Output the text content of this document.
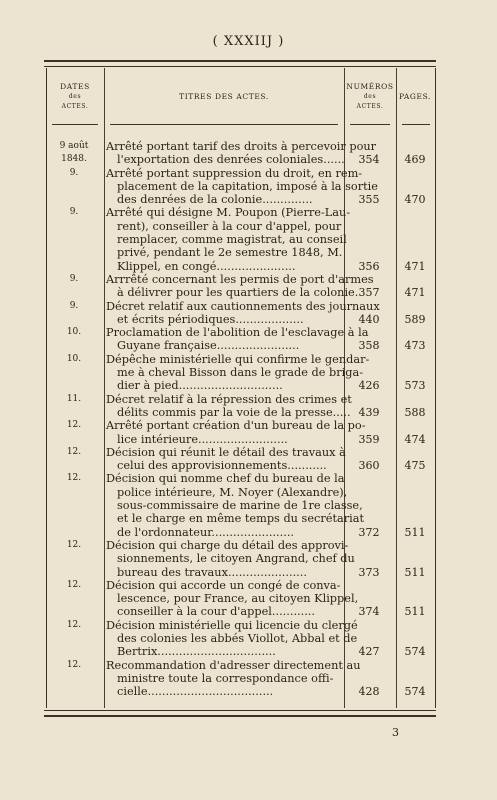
( XXXIIJ )
DATES
des
ACTES.
TITRES DES ACTES.
NUMÉROS
des
ACTES.
PAGES.
9 août
1848.
Arrêté portant tarif des droits à percevoir pour
l'exportation des denrées coloniales......	354	469
9.	Arrêté portant suppression du droit, en rem-
placement de la capitation, imposé à la sortie
des denrées de la colonie..............	355	470
9.	Arrêté qui désigne M. Poupon (Pierre-Lau-
rent), conseiller à la cour d'appel, pour
remplacer, comme magistrat, au conseil
privé, pendant le 2e semestre 1848, M.
Klippel, en congé......................	356	471
9.	Arrrêté concernant les permis de port d'armes
à délivrer pour les quartiers de la colonie. 357	471
9.	Décret relatif aux cautionnements des journaux
et écrits périodiques...................	440	589
10.	Proclamation de l'abolition de l'esclavage à la
Guyane française.......................	358	473
10.	Dépêche ministérielle qui confirme le gendar-
me à cheval Bisson dans le grade de briga-
dier à pied.............................	426	573
11.	Décret relatif à la répression des crimes et
délits commis par la voie de la presse..... 439	588
12.	Arrêté portant création d'un bureau de la po-
lice intérieure.........................	359	474
12.	Décision qui réunit le détail des travaux à
celui des approvisionnements...........	360	475
12.	Décision qui nomme chef du bureau de la
police intérieure, M. Noyer (Alexandre),
sous-commissaire de marine de 1re classe,
et le charge en même temps du secrétariat
de l'ordonnateur.......................	372	511
12.	Décision qui charge du détail des approvi-
sionnements, le citoyen Angrand, chef du
bureau des travaux......................	373	511
12.	Décision qui accorde un congé de conva-
lescence, pour France, au citoyen Klippel,
conseiller à la cour d'appel............	374	511
12.	Décision ministérielle qui licencie du clergé
des colonies les abbés Viollot, Abbal et de
Bertrix.................................	427	574
12.	Recommandation d'adresser directement au
ministre toute la correspondance offi-
cielle...................................	428	574
3
